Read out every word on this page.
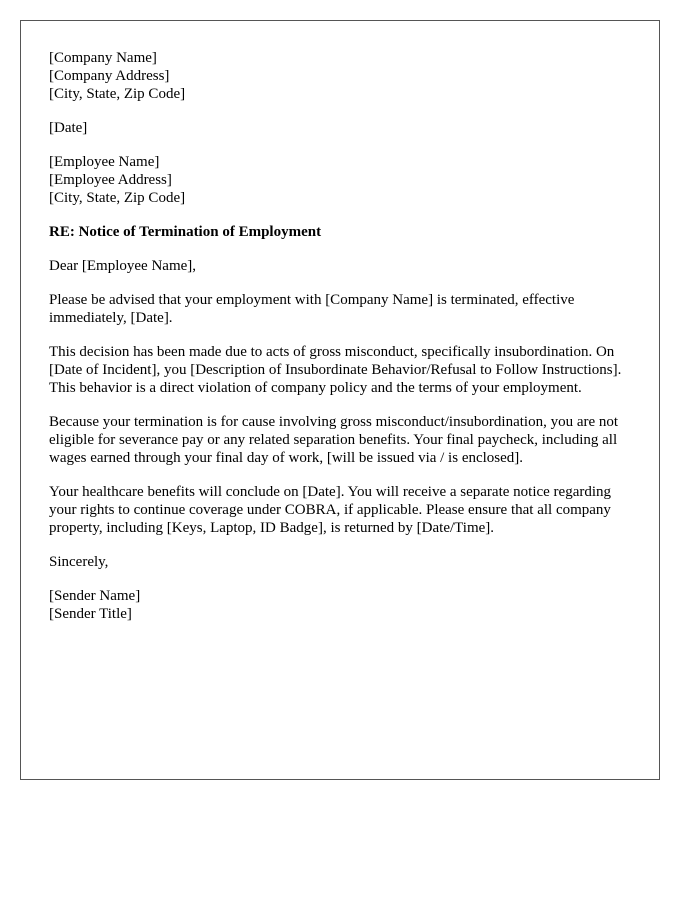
[Company Name]
[Company Address]
[City, State, Zip Code]
[Date]
[Employee Name]
[Employee Address]
[City, State, Zip Code]
RE: Notice of Termination of Employment
Dear [Employee Name],

Please be advised that your employment with [Company Name] is terminated, effective immediately, [Date].

This decision has been made due to acts of gross misconduct, specifically insubordination. On [Date of Incident], you [Description of Insubordinate Behavior/Refusal to Follow Instructions]. This behavior is a direct violation of company policy and the terms of your employment.

Because your termination is for cause involving gross misconduct/insubordination, you are not eligible for severance pay or any related separation benefits. Your final paycheck, including all wages earned through your final day of work, [will be issued via / is enclosed].

Your healthcare benefits will conclude on [Date]. You will receive a separate notice regarding your rights to continue coverage under COBRA, if applicable. Please ensure that all company property, including [Keys, Laptop, ID Badge], is returned by [Date/Time].

Sincerely,
[Sender Name]
[Sender Title]
